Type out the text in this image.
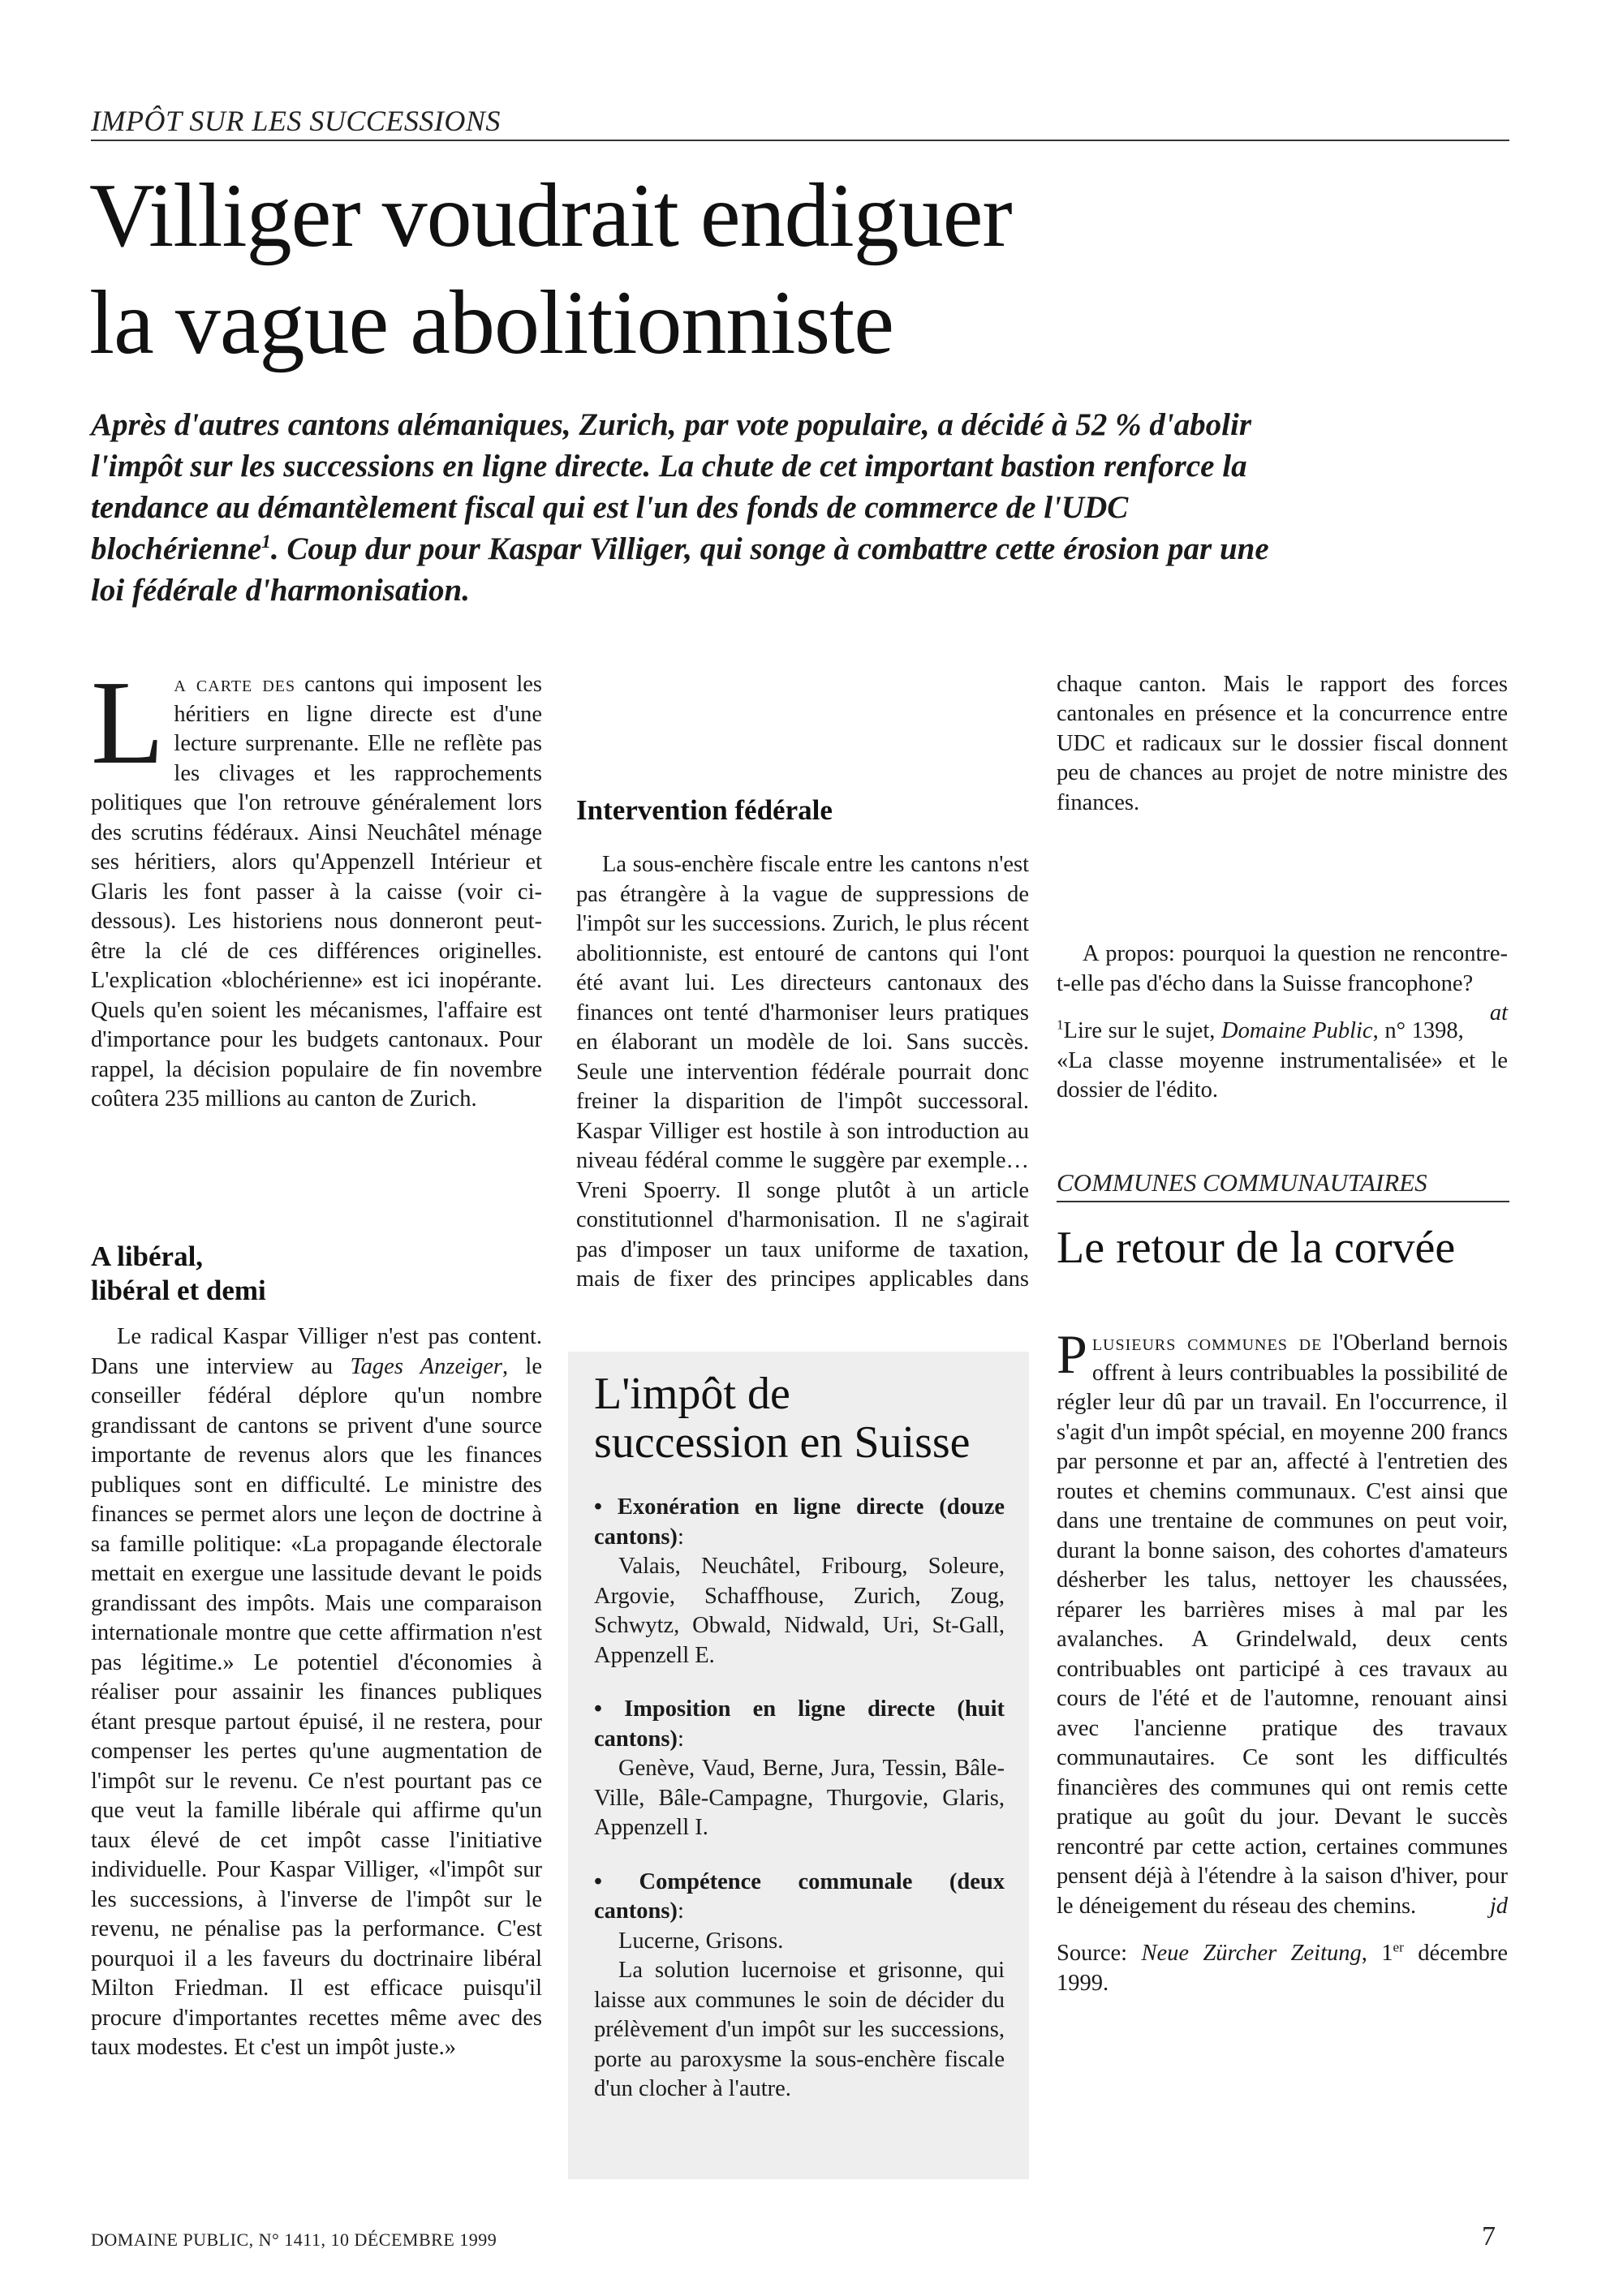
IMPÔT SUR LES SUCCESSIONS
Villiger voudrait endiguer
la vague abolitionniste
Après d'autres cantons alémaniques, Zurich, par vote populaire, a décidé à 52 % d'abolir l'impôt sur les successions en ligne directe. La chute de cet important bastion renforce la tendance au démantèlement fiscal qui est l'un des fonds de commerce de l'UDC blochérienne$^1$. Coup dur pour Kaspar Villiger, qui songe à combattre cette érosion par une loi fédérale d'harmonisation.

La carte des cantons qui imposent les héritiers en ligne directe est d'une lecture surprenante. Elle ne reflète pas les clivages et les rapprochements politiques que l'on retrouve généralement lors des scrutins fédéraux. Ainsi Neuchâtel ménage ses héritiers, alors qu'Appenzell Intérieur et Glaris les font passer à la caisse (voir ci-dessous). Les historiens nous donneront peut-être la clé de ces différences originelles. L'explication «blochérienne» est ici inopérante. Quels qu'en soient les mécanismes, l'affaire est d'importance pour les budgets cantonaux. Pour rappel, la décision populaire de fin novembre coûtera 235 millions au canton de Zurich.

A libéral,
libéral et demi

Le radical Kaspar Villiger n'est pas content. Dans une interview au Tages Anzeiger, le conseiller fédéral déplore qu'un nombre grandissant de cantons se privent d'une source importante de revenus alors que les finances publiques sont en difficulté. Le ministre des finances se permet alors une leçon de doctrine à sa famille politique: «La propagande électorale mettait en exergue une lassitude devant le poids grandissant des impôts. Mais une comparaison internationale montre que cette affirmation n'est pas légitime.» Le potentiel d'économies à réaliser pour assainir les finances publiques étant presque partout épuisé, il ne restera, pour compenser les pertes qu'une augmentation de l'impôt sur le revenu. Ce n'est pourtant pas ce que veut la famille libérale qui affirme qu'un taux élevé de cet impôt casse l'initiative individuelle. Pour Kaspar Villiger, «l'impôt sur les successions, à l'inverse de l'impôt sur le revenu, ne pénalise pas la performance. C'est pourquoi il a les faveurs du doctrinaire libéral Milton Friedman. Il est efficace puisqu'il procure d'importantes recettes même avec des taux modestes. Et c'est un impôt juste.»

Intervention fédérale

La sous-enchère fiscale entre les cantons n'est pas étrangère à la vague de suppressions de l'impôt sur les successions. Zurich, le plus récent abolitionniste, est entouré de cantons qui l'ont été avant lui. Les directeurs cantonaux des finances ont tenté d'harmoniser leurs pratiques en élaborant un modèle de loi. Sans succès. Seule une intervention fédérale pourrait donc freiner la disparition de l'impôt successoral. Kaspar Villiger est hostile à son introduction au niveau fédéral comme le suggère par exemple…Vreni Spoerry. Il songe plutôt à un article constitutionnel d'harmonisation. Il ne s'agirait pas d'imposer un taux uniforme de taxation, mais de fixer des principes applicables dans

chaque canton. Mais le rapport des forces cantonales en présence et la concurrence entre UDC et radicaux sur le dossier fiscal donnent peu de chances au projet de notre ministre des finances.

A propos: pourquoi la question ne rencontre-t-elle pas d'écho dans la Suisse francophone?
at

$^1$Lire sur le sujet, Domaine Public, n° 1398, «La classe moyenne instrumentalisée» et le dossier de l'édito.

L'impôt de
succession en Suisse
• Exonération en ligne directe (douze cantons):

Valais, Neuchâtel, Fribourg, Soleure, Argovie, Schaffhouse, Zurich, Zoug, Schwytz, Obwald, Nidwald, Uri, St-Gall, Appenzell E.

• Imposition en ligne directe (huit cantons):

Genève, Vaud, Berne, Jura, Tessin, Bâle-Ville, Bâle-Campagne, Thurgovie, Glaris, Appenzell I.

• Compétence communale (deux cantons):

Lucerne, Grisons.

La solution lucernoise et grisonne, qui laisse aux communes le soin de décider du prélèvement d'un impôt sur les successions, porte au paroxysme la sous-enchère fiscale d'un clocher à l'autre.

COMMUNES COMMUNAUTAIRES
Le retour de la corvée

Plusieurs communes de l'Oberland bernois offrent à leurs contribuables la possibilité de régler leur dû par un travail. En l'occurrence, il s'agit d'un impôt spécial, en moyenne 200 francs par personne et par an, affecté à l'entretien des routes et chemins communaux. C'est ainsi que dans une trentaine de communes on peut voir, durant la bonne saison, des cohortes d'amateurs désherber les talus, nettoyer les chaussées, réparer les barrières mises à mal par les avalanches. A Grindelwald, deux cents contribuables ont participé à ces travaux au cours de l'été et de l'automne, renouant ainsi avec l'ancienne pratique des travaux communautaires. Ce sont les difficultés financières des communes qui ont remis cette pratique au goût du jour. Devant le succès rencontré par cette action, certaines communes pensent déjà à l'étendre à la saison d'hiver, pour le déneigement du réseau des chemins.	jd

Source: Neue Zürcher Zeitung, 1er décembre 1999.

DOMAINE PUBLIC, N° 1411, 10 DÉCEMBRE 1999	7
